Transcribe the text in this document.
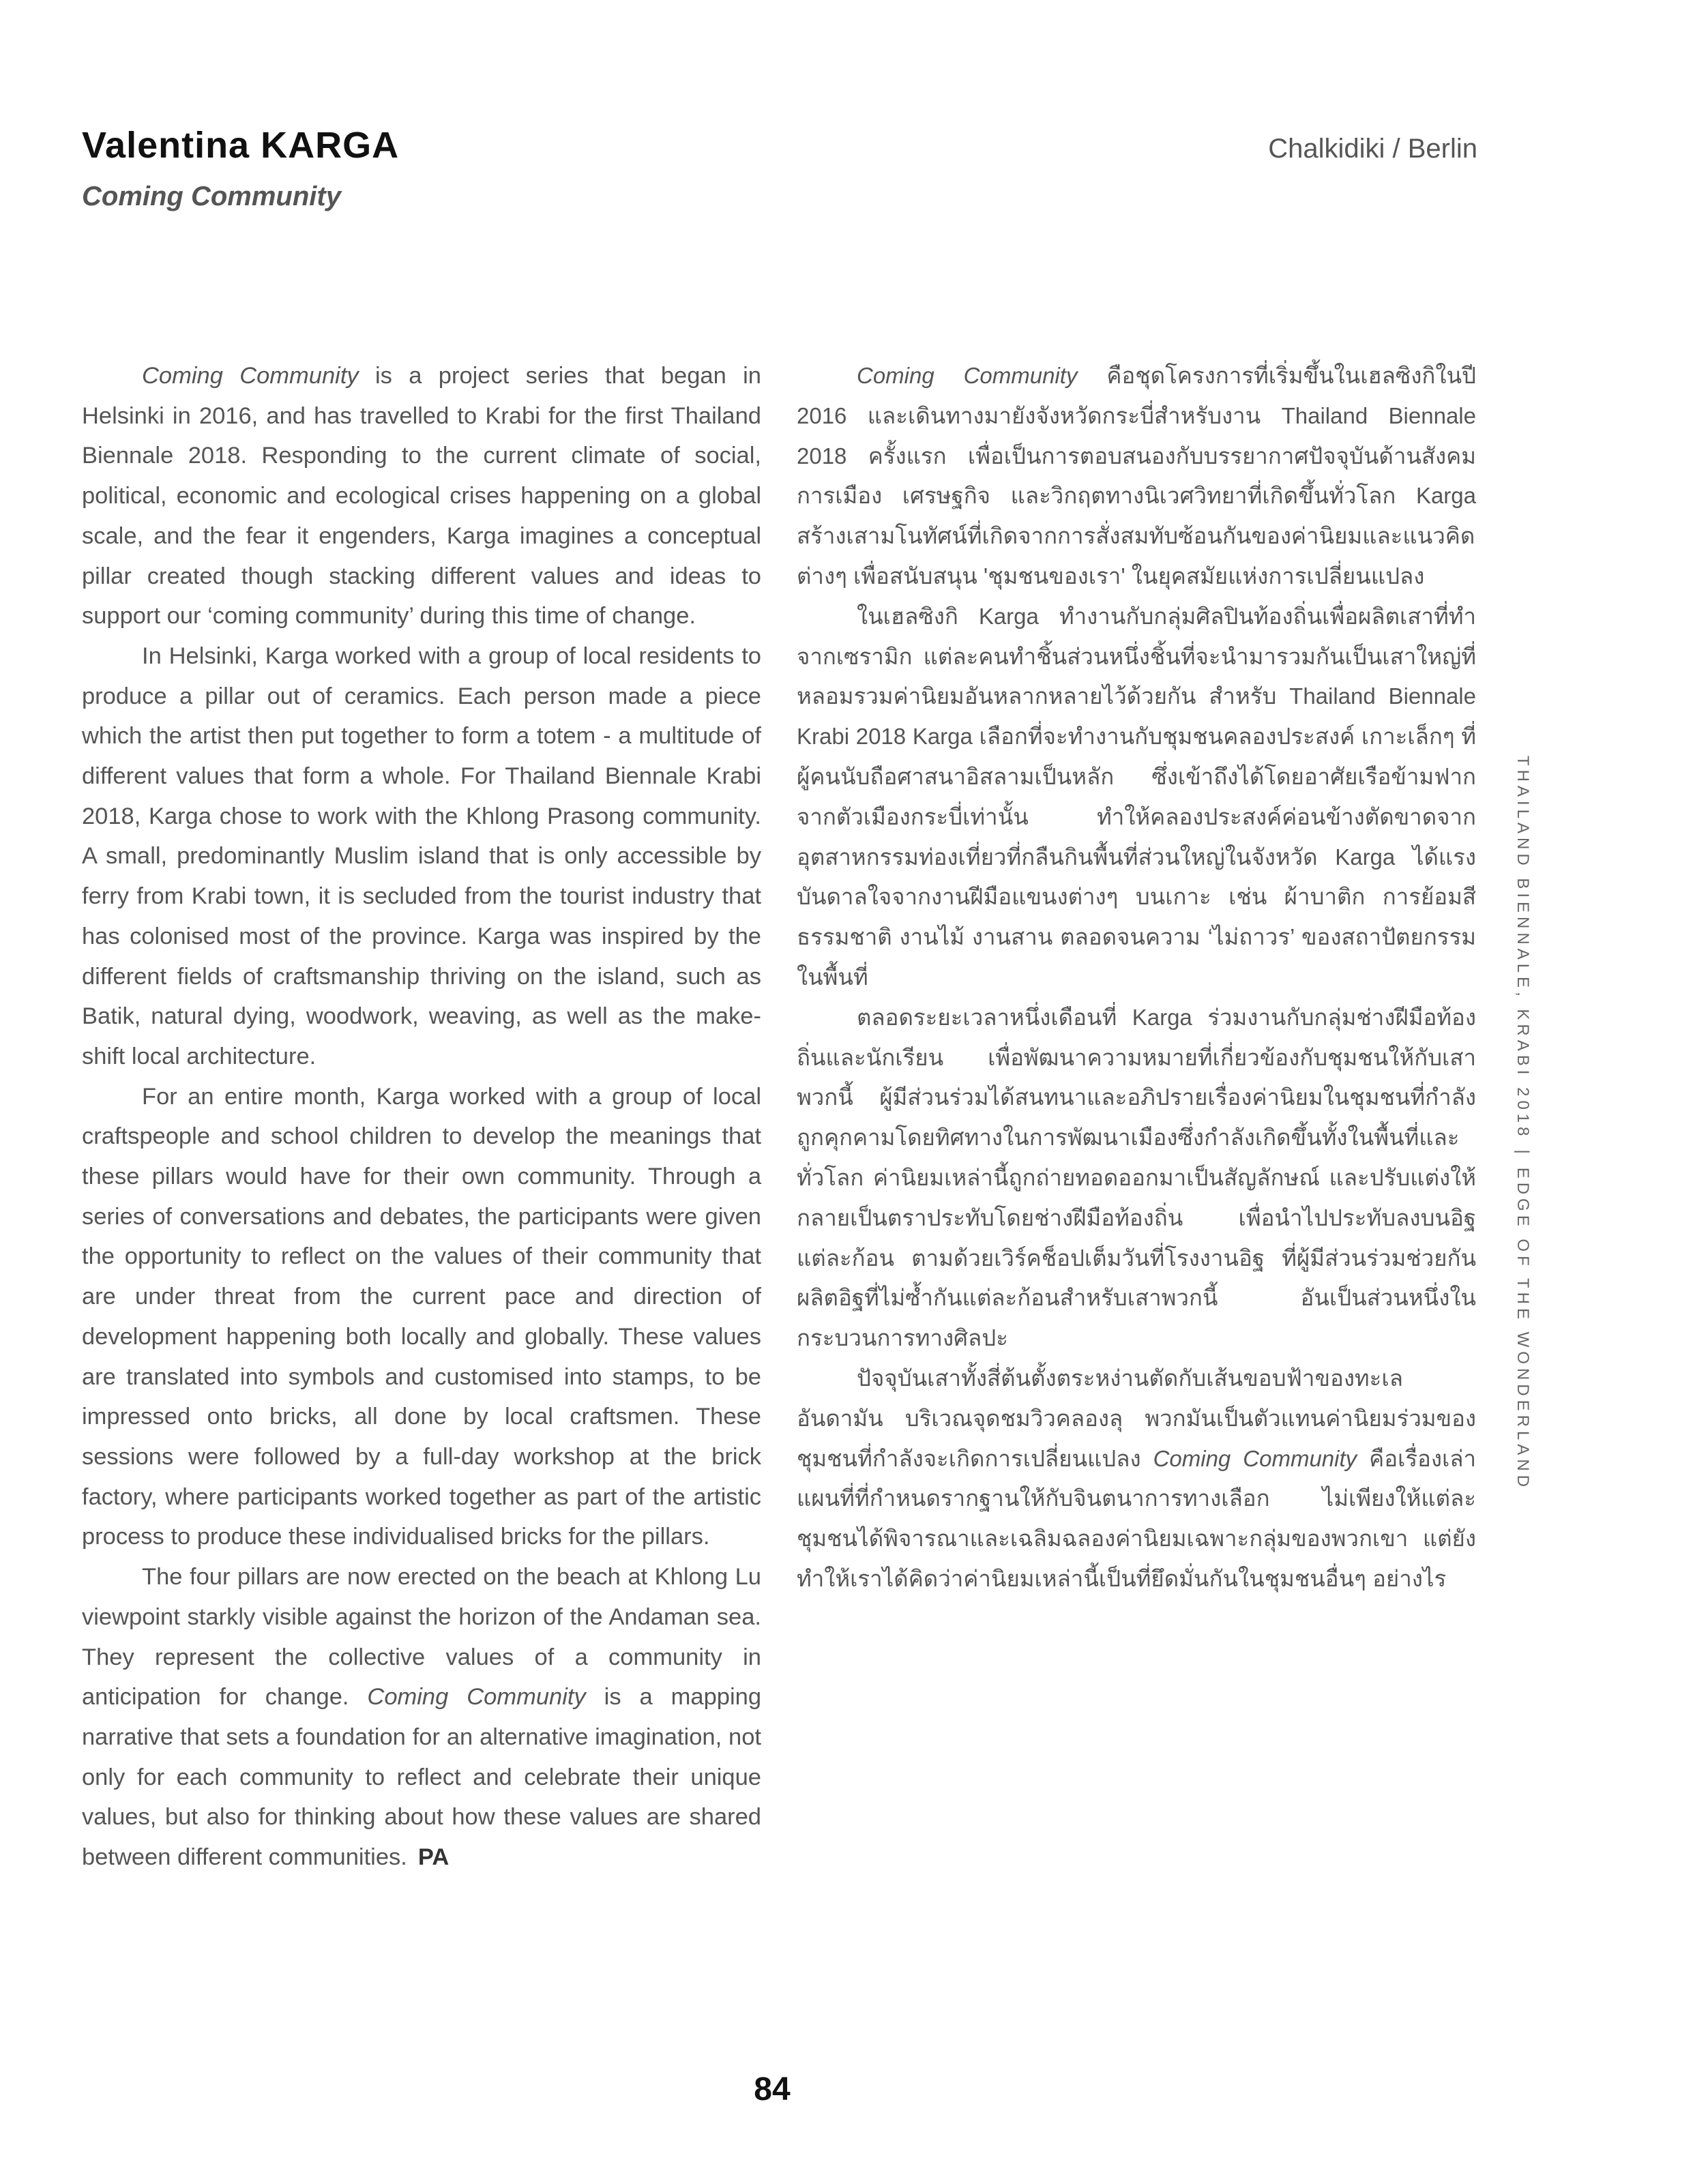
Valentina KARGA
Coming Community
Chalkidiki / Berlin

Coming Community is a project series that began in Helsinki in 2016, and has travelled to Krabi for the first Thailand Biennale 2018. Responding to the current climate of social, political, economic and ecological crises happening on a global scale, and the fear it engenders, Karga imagines a conceptual pillar created though stacking different values and ideas to support our ‘coming community’ during this time of change.

In Helsinki, Karga worked with a group of local residents to produce a pillar out of ceramics. Each person made a piece which the artist then put together to form a totem - a multitude of different values that form a whole. For Thailand Biennale Krabi 2018, Karga chose to work with the Khlong Prasong community. A small, predominantly Muslim island that is only accessible by ferry from Krabi town, it is secluded from the tourist industry that has colonised most of the province. Karga was inspired by the different fields of craftsmanship thriving on the island, such as Batik, natural dying, woodwork, weaving, as well as the make-shift local architecture.

For an entire month, Karga worked with a group of local craftspeople and school children to develop the meanings that these pillars would have for their own community. Through a series of conversations and debates, the participants were given the opportunity to reflect on the values of their community that are under threat from the current pace and direction of development happening both locally and globally. These values are translated into symbols and customised into stamps, to be impressed onto bricks, all done by local craftsmen. These sessions were followed by a full-day workshop at the brick factory, where participants worked together as part of the artistic process to produce these individualised bricks for the pillars.

The four pillars are now erected on the beach at Khlong Lu viewpoint starkly visible against the horizon of the Andaman sea. They represent the collective values of a community in anticipation for change. Coming Community is a mapping narrative that sets a foundation for an alternative imagination, not only for each community to reflect and celebrate their unique values, but also for thinking about how these values are shared between different communities. PA

Coming Community คือชุดโครงการที่เริ่มขึ้นในเฮลซิงกิในปี 2016 และเดินทางมายังจังหวัดกระบี่สำหรับงาน Thailand Biennale 2018 ครั้งแรก เพื่อเป็นการตอบสนองกับบรรยากาศปัจจุบันด้านสังคม การเมือง เศรษฐกิจ และวิกฤตทางนิเวศวิทยาที่เกิดขึ้นทั่วโลก Karga สร้างเสามโนทัศน์ที่เกิดจากการสั่งสมทับซ้อนกันของค่านิยมและแนวคิดต่างๆ เพื่อสนับสนุน 'ชุมชนของเรา' ในยุคสมัยแห่งการเปลี่ยนแปลง

ในเฮลซิงกิ Karga ทำงานกับกลุ่มศิลปินท้องถิ่นเพื่อผลิตเสาที่ทำจากเซรามิก แต่ละคนทำชิ้นส่วนหนึ่งชิ้นที่จะนำมารวมกันเป็นเสาใหญ่ที่หลอมรวมค่านิยมอันหลากหลายไว้ด้วยกัน สำหรับ Thailand Biennale Krabi 2018 Karga เลือกที่จะทำงานกับชุมชนคลองประสงค์ เกาะเล็กๆ ที่ผู้คนนับถือศาสนาอิสลามเป็นหลัก ซึ่งเข้าถึงได้โดยอาศัยเรือข้ามฟากจากตัวเมืองกระบี่เท่านั้น ทำให้คลองประสงค์ค่อนข้างตัดขาดจากอุตสาหกรรมท่องเที่ยวที่กลืนกินพื้นที่ส่วนใหญ่ในจังหวัด Karga ได้แรงบันดาลใจจากงานฝีมือแขนงต่างๆ บนเกาะ เช่น ผ้าบาติก การย้อมสีธรรมชาติ งานไม้ งานสาน ตลอดจนความ ‘ไม่ถาวร’ ของสถาปัตยกรรมในพื้นที่

ตลอดระยะเวลาหนึ่งเดือนที่ Karga ร่วมงานกับกลุ่มช่างฝีมือท้องถิ่นและนักเรียน เพื่อพัฒนาความหมายที่เกี่ยวข้องกับชุมชนให้กับเสาพวกนี้ ผู้มีส่วนร่วมได้สนทนาและอภิปรายเรื่องค่านิยมในชุมชนที่กำลังถูกคุกคามโดยทิศทางในการพัฒนาเมืองซึ่งกำลังเกิดขึ้นทั้งในพื้นที่และทั่วโลก ค่านิยมเหล่านี้ถูกถ่ายทอดออกมาเป็นสัญลักษณ์ และปรับแต่งให้กลายเป็นตราประทับโดยช่างฝีมือท้องถิ่น เพื่อนำไปประทับลงบนอิฐแต่ละก้อน ตามด้วยเวิร์คช็อปเต็มวันที่โรงงานอิฐ ที่ผู้มีส่วนร่วมช่วยกันผลิตอิฐที่ไม่ซ้ำกันแต่ละก้อนสำหรับเสาพวกนี้ อันเป็นส่วนหนึ่งในกระบวนการทางศิลปะ

ปัจจุบันเสาทั้งสี่ต้นตั้งตระหง่านตัดกับเส้นขอบฟ้าของทะเลอันดามัน บริเวณจุดชมวิวคลองลุ พวกมันเป็นตัวแทนค่านิยมร่วมของชุมชนที่กำลังจะเกิดการเปลี่ยนแปลง Coming Community คือเรื่องเล่าแผนที่ที่กำหนดรากฐานให้กับจินตนาการทางเลือก ไม่เพียงให้แต่ละชุมชนได้พิจารณาและเฉลิมฉลองค่านิยมเฉพาะกลุ่มของพวกเขา แต่ยังทำให้เราได้คิดว่าค่านิยมเหล่านี้เป็นที่ยึดมั่นกันในชุมชนอื่นๆ อย่างไร

THAILAND BIENNALE, KRABI 2018|EDGE OF THE WONDERLAND
84
